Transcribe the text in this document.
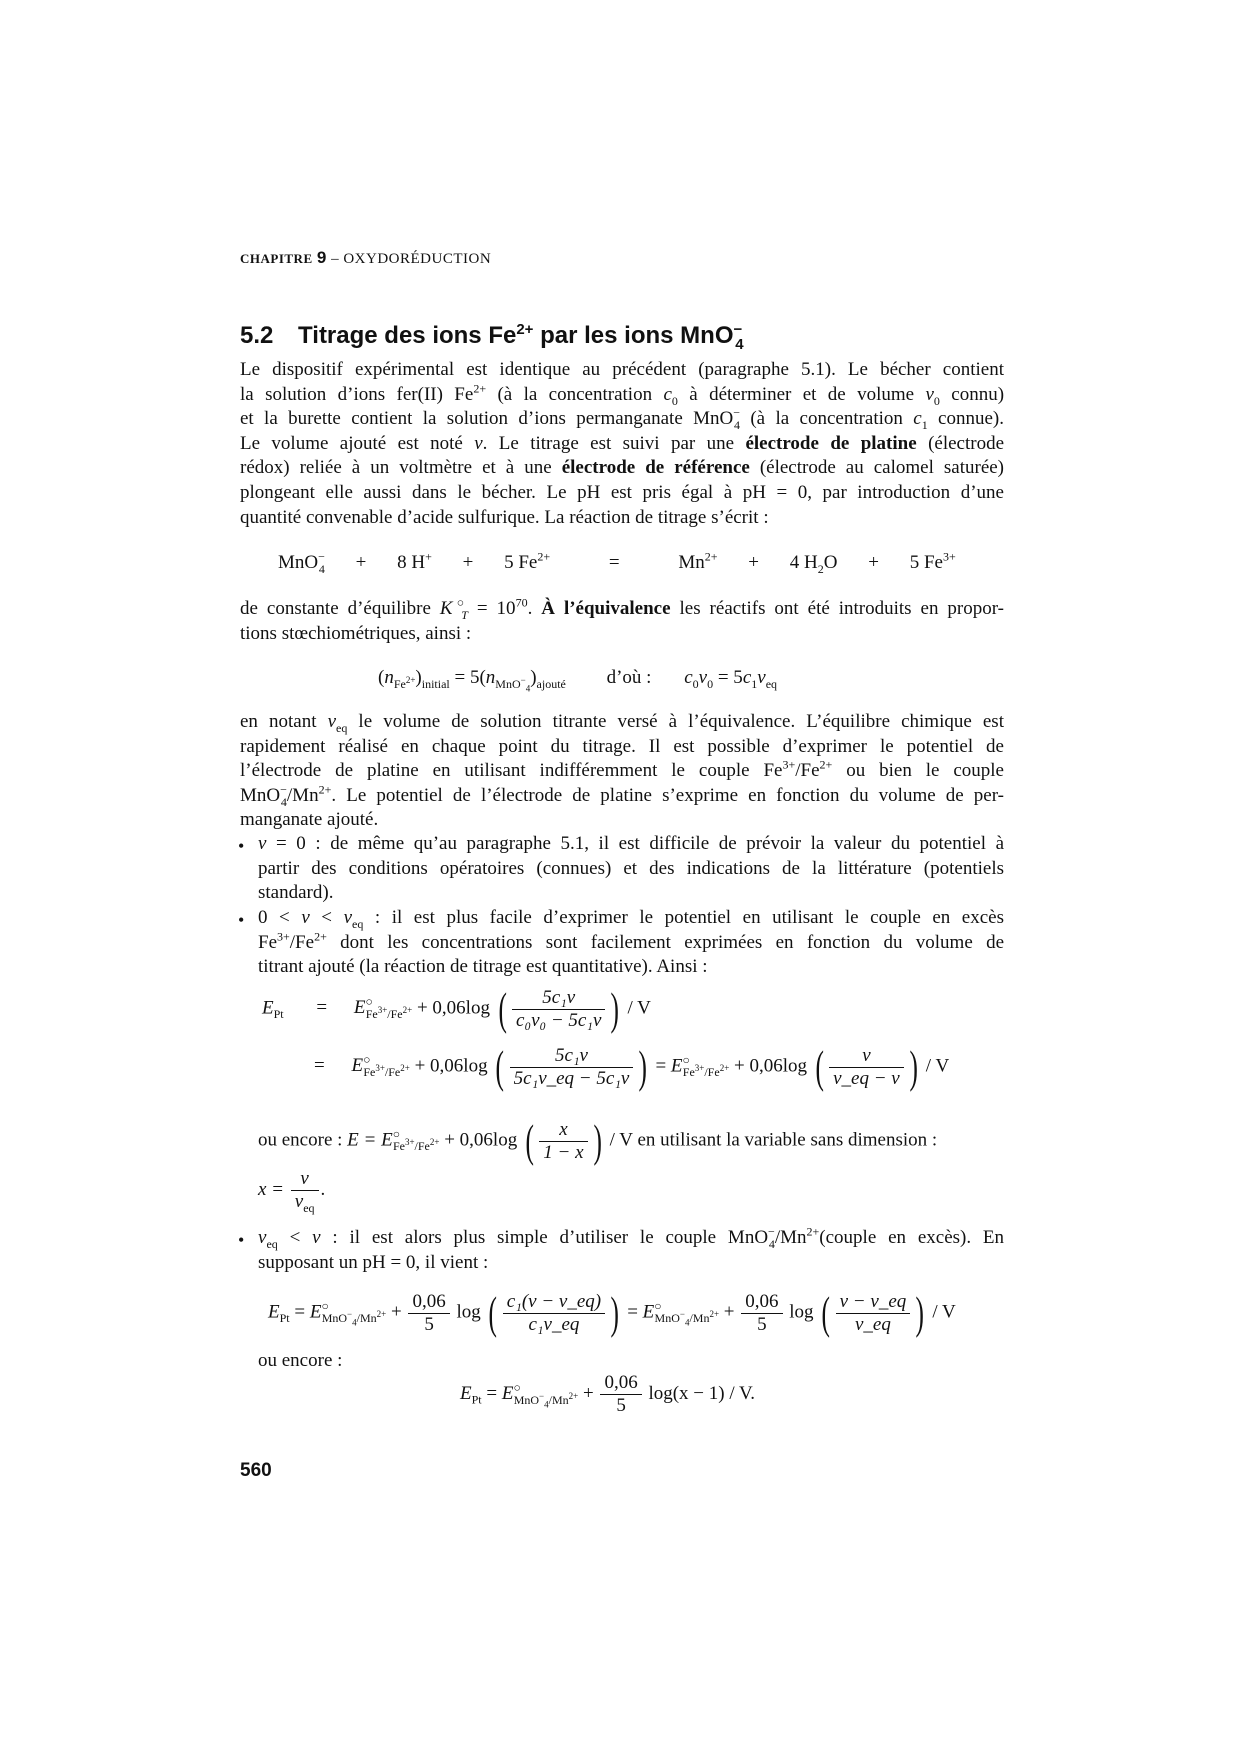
CHAPITRE 9 – OXYDORÉDUCTION
5.2 Titrage des ions $Fe^{2+}$ par les ions MnO−$_4$
Le dispositif expérimental est identique au précédent (paragraphe 5.1). Le bécher contient
la solution d’ions fer(II) $Fe^{2+}$ (à la concentration $c_0$ à déterminer et de volume $v_0$ connu)
et la burette contient la solution d’ions permanganate MnO−$_4$ (à la concentration $c_1$ connue).
Le volume ajouté est noté v. Le titrage est suivi par une électrode de platine (électrode
rédox) reliée à un voltmètre et à une électrode de référence (électrode au calomel saturée)
plongeant elle aussi dans le bécher. Le pH est pris égal à pH = 0, par introduction d’une
quantité convenable d’acide sulfurique. La réaction de titrage s’écrit :
MnO−$_4$ + 8 H+ + 5 $Fe^{2+}$	=	$Mn^{2+} + 4$ $H_2O + 5$ $Fe^{3+}$
de constante d’équilibre $K^○_T = 10^{70}$. À l’équivalence les réactifs ont été introduits en propor-
tions stœchiométriques, ainsi :
$(n_{Fe^{2+}})_{initial} = 5(n_{MnO^-_4})_{ajouté}$ d’où : $c_0v_0 = 5c_1v_{eq}$
en notant $v_{eq}$ le volume de solution titrante versé à l’équivalence. L’équilibre chimique est
rapidement réalisé en chaque point du titrage. Il est possible d’exprimer le potentiel de
l’électrode de platine en utilisant indifféremment le couple $Fe^{3+}/Fe^{2+}$ ou bien le couple
$MnO^-_4/Mn^{2+}$. Le potentiel de l’électrode de platine s’exprime en fonction du volume de per-
manganate ajouté.
• v = 0 : de même qu’au paragraphe 5.1, il est difficile de prévoir la valeur du potentiel à
partir des conditions opératoires (connues) et des indications de la littérature (potentiels
standard).
• $0 < v < v_{eq}$ : il est plus facile d’exprimer le potentiel en utilisant le couple en excès
$Fe^{3+}/Fe^{2+}$ dont les concentrations sont facilement exprimées en fonction du volume de
titrant ajouté (la réaction de titrage est quantitative). Ainsi :
$E_{Pt} = E^○_{Fe^{3+}/Fe^{2+}} + 0,06\log$ ( $\frac{\text{5c₁v}}{\text{c₀v₀ − 5c₁v}}$ ) / V
= $E^○_{Fe^{3+}/Fe^{2+}} + 0,06\log$ ( $\frac{\text{5c₁v}}{\text{5c₁v\_eq − 5c₁v}}$ ) = $E^○_{Fe^{3+}/Fe^{2+}} + 0,06\log$ ( $\frac{v}{v\_eq - v}$ ) / V
ou encore : $E = E^○_{Fe^{3+}/Fe^{2+}} + 0,06\log$ ( $\frac{x}{1 - x}$ ) / V en utilisant la variable sans dimension :
$x = \frac{v}{v_{eq}}$ .
• $v_{eq} < v$ : il est alors plus simple d’utiliser le couple $MnO^-_4/Mn^{2+}(couple$ en excès). En
supposant un pH = 0, il vient :
$E_{Pt} = E^○_{MnO^-_4/Mn^{2+}} + \frac{0,06}{5}$ log ( $\frac{\text{c₁(v − v\_eq)}}{\text{c₁v\_eq}}$ ) = $E^○_{MnO^-_4/Mn^{2+}} + \frac{0,06}{5}$ log ( $\frac{v - v\_eq}{v\_eq}$ ) / V
ou encore :
$E_{Pt} = E^○_{MnO^-_4/Mn^{2+}} + \frac{0,06}{5} \log(x - 1) / V$.
560
